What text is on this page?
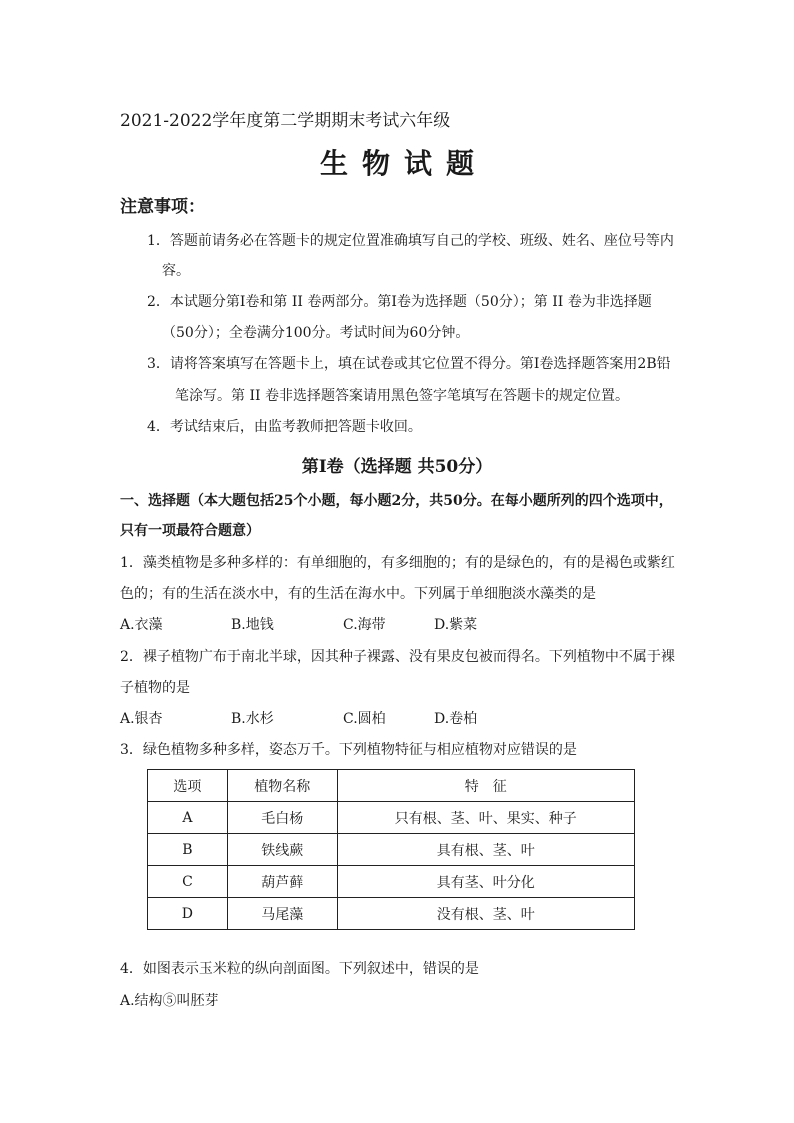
2021-2022学年度第二学期期末考试六年级
生物试题
注意事项：
1．答题前请务必在答题卡的规定位置准确填写自己的学校、班级、姓名、座位号等内
容。
2．本试题分第Ⅰ卷和第 II 卷两部分。第Ⅰ卷为选择题（50分）；第 II 卷为非选择题
（50分）；全卷满分100分。考试时间为60分钟。
3．请将答案填写在答题卡上，填在试卷或其它位置不得分。第Ⅰ卷选择题答案用2B铅
笔涂写。第 II 卷非选择题答案请用黑色签字笔填写在答题卡的规定位置。
4．考试结束后，由监考教师把答题卡收回。
第Ⅰ卷（选择题 共50分）
一、选择题（本大题包括25个小题，每小题2分，共50分。在每小题所列的四个选项中，
只有一项最符合题意）
1．藻类植物是多种多样的：有单细胞的，有多细胞的；有的是绿色的，有的是褐色或紫红
色的；有的生活在淡水中，有的生活在海水中。下列属于单细胞淡水藻类的是
A.衣藻	B.地钱	C.海带	D.紫菜
2．裸子植物广布于南北半球，因其种子裸露、没有果皮包被而得名。下列植物中不属于裸
子植物的是
A.银杏	B.水杉	C.圆柏	D.卷柏
3．绿色植物多种多样，姿态万千。下列植物特征与相应植物对应错误的是
选项	植物名称	特　征
A	毛白杨	只有根、茎、叶、果实、种子
B	铁线蕨	具有根、茎、叶
C	葫芦藓	具有茎、叶分化
D	马尾藻	没有根、茎、叶
4．如图表示玉米粒的纵向剖面图。下列叙述中，错误的是
A.结构⑤叫胚芽
